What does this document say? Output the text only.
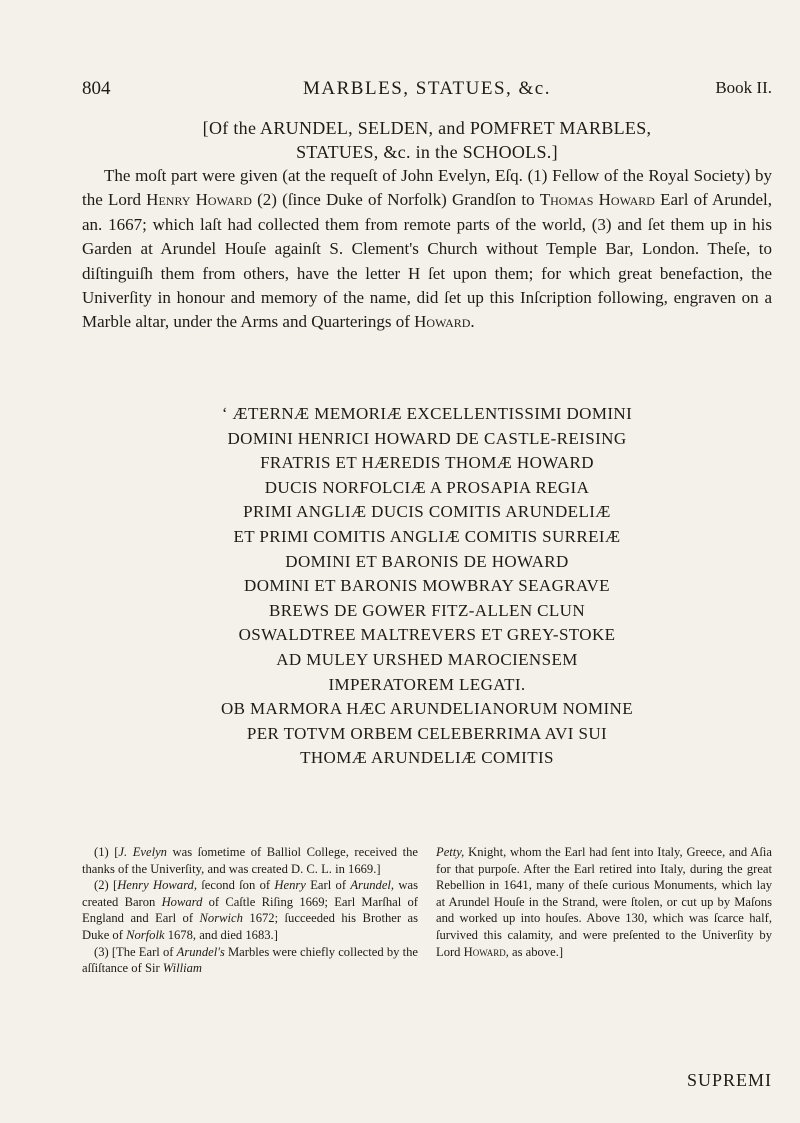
804	MARBLES, STATUES, &c.	Book II.
[Of the ARUNDEL, SELDEN, and POMFRET MARBLES,
STATUES, &c. in the SCHOOLS.]

The moſt part were given (at the requeſt of John Evelyn, Eſq. (1) Fellow of the Royal Society) by the Lord Henry Howard (2) (ſince Duke of Norfolk) Grandſon to Thomas Howard Earl of Arundel, an. 1667; which laſt had collected them from remote parts of the world, (3) and ſet them up in his Garden at Arundel Houſe againſt S. Clement's Church without Temple Bar, London. Theſe, to diſtinguiſh them from others, have the letter H ſet upon them; for which great benefaction, the Univerſity in honour and memory of the name, did ſet up this Inſcription following, engraven on a Marble altar, under the Arms and Quarterings of Howard.

‘ ÆTERNÆ MEMORIÆ EXCELLENTISSIMI DOMINI
DOMINI HENRICI HOWARD DE CASTLE-REISING
FRATRIS ET HÆREDIS THOMÆ HOWARD
DUCIS NORFOLCIÆ A PROSAPIA REGIA
PRIMI ANGLIÆ DUCIS COMITIS ARUNDELIÆ
ET PRIMI COMITIS ANGLIÆ COMITIS SURREIÆ
DOMINI ET BARONIS DE HOWARD
DOMINI ET BARONIS MOWBRAY SEAGRAVE
BREWS DE GOWER FITZ-ALLEN CLUN
OSWALDTREE MALTREVERS ET GREY-STOKE
AD MULEY URSHED MAROCIENSEM
IMPERATOREM LEGATI.
OB MARMORA HÆC ARUNDELIANORUM NOMINE
PER TOTVM ORBEM CELEBERRIMA AVI SUI
THOMÆ ARUNDELIÆ COMITIS

(1) [J. Evelyn was ſometime of Balliol College, received the thanks of the Univerſity, and was created D. C. L. in 1669.]

(2) [Henry Howard, ſecond ſon of Henry Earl of Arundel, was created Baron Howard of Caſtle Riſing 1669; Earl Marſhal of England and Earl of Norwich 1672; ſucceeded his Brother as Duke of Norfolk 1678, and died 1683.]

(3) [The Earl of Arundel's Marbles were chiefly collected by the aſſiſtance of Sir William

Petty, Knight, whom the Earl had ſent into Italy, Greece, and Aſia for that purpoſe. After the Earl retired into Italy, during the great Rebellion in 1641, many of theſe curious Monuments, which lay at Arundel Houſe in the Strand, were ſtolen, or cut up by Maſons and worked up into houſes. Above 130, which was ſcarce half, ſurvived this calamity, and were preſented to the Univerſity by Lord Howard, as above.]

SUPREMI
